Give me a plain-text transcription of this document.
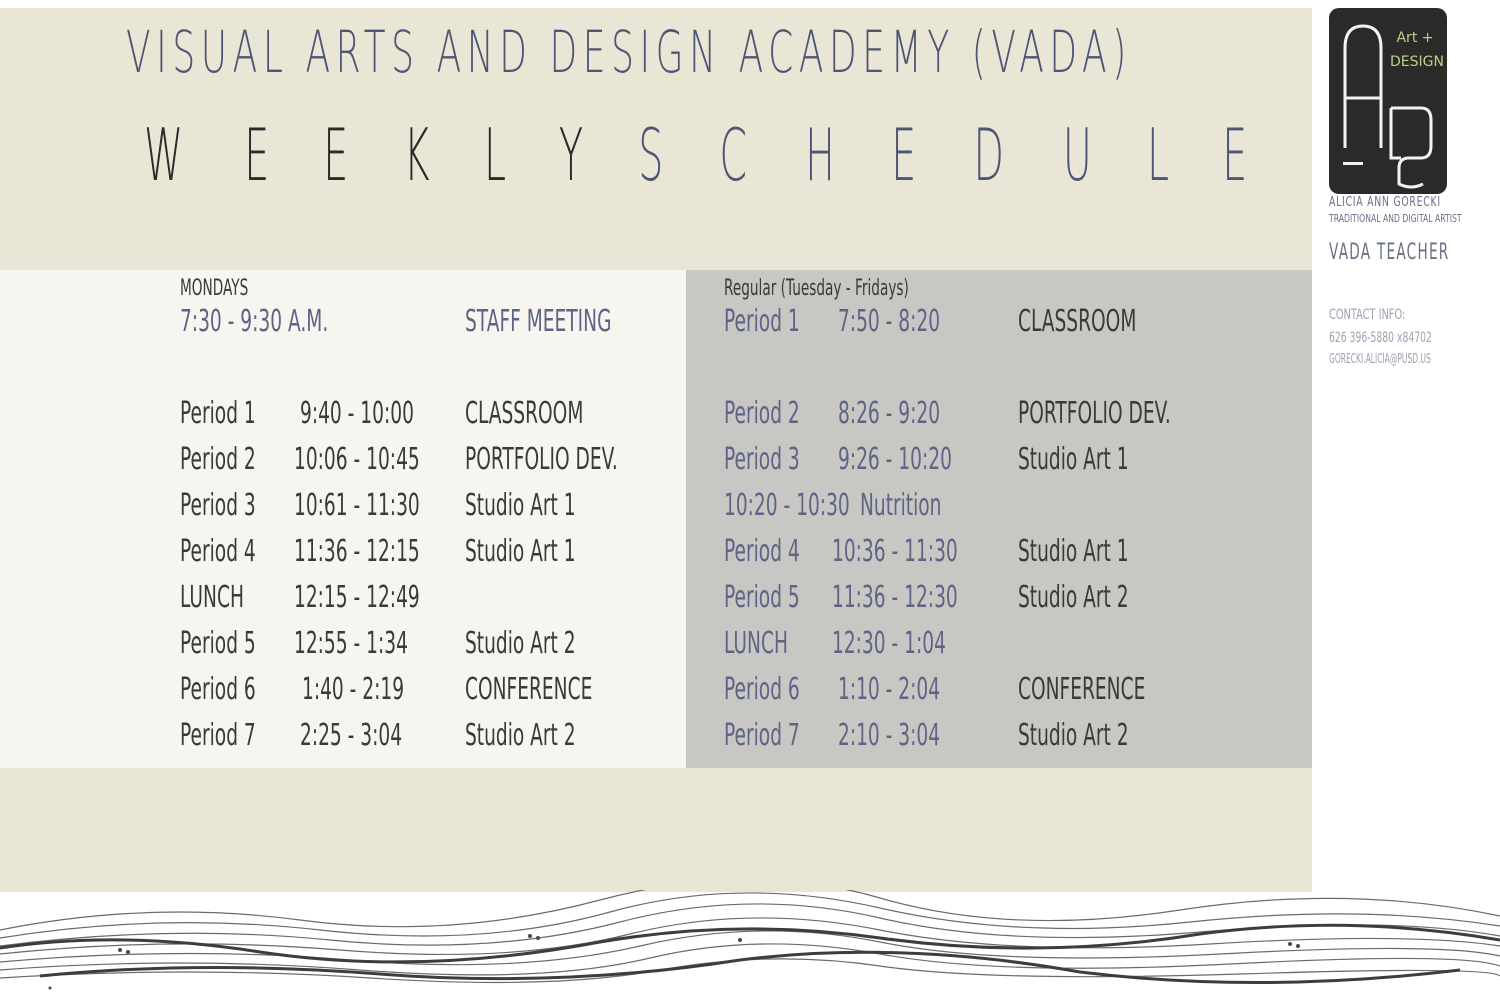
VISUAL ARTS AND DESIGN ACADEMY (VADA)
W E E K L Y S C H E D U L E
MONDAYS
7:30 - 9:30 A.M.	STAFF MEETING
Period 1	9:40 - 10:00	CLASSROOM
Period 2	10:06 - 10:45	PORTFOLIO DEV.
Period 3	10:61 - 11:30	Studio Art 1
Period 4	11:36 - 12:15	Studio Art 1
LUNCH	12:15 - 12:49
Period 5	12:55 - 1:34	Studio Art 2
Period 6	1:40 - 2:19	CONFERENCE
Period 7	2:25 - 3:04	Studio Art 2
Regular (Tuesday - Fridays)
Period 1	7:50 - 8:20	CLASSROOM
Period 2	8:26 - 9:20	PORTFOLIO DEV.
Period 3	9:26 - 10:20	Studio Art 1
10:20 - 10:30 Nutrition
Period 4	10:36 - 11:30	Studio Art 1
Period 5	11:36 - 12:30	Studio Art 2
LUNCH	12:30 - 1:04
Period 6	1:10 - 2:04	CONFERENCE
Period 7	2:10 - 3:04	Studio Art 2
Art +
DESIGN
ALICIA ANN GORECKI
TRADITIONAL AND DIGITAL ARTIST
VADA TEACHER
CONTACT INFO:
626 396-5880 x84702
GORECKI.ALICIA@PUSD.US
